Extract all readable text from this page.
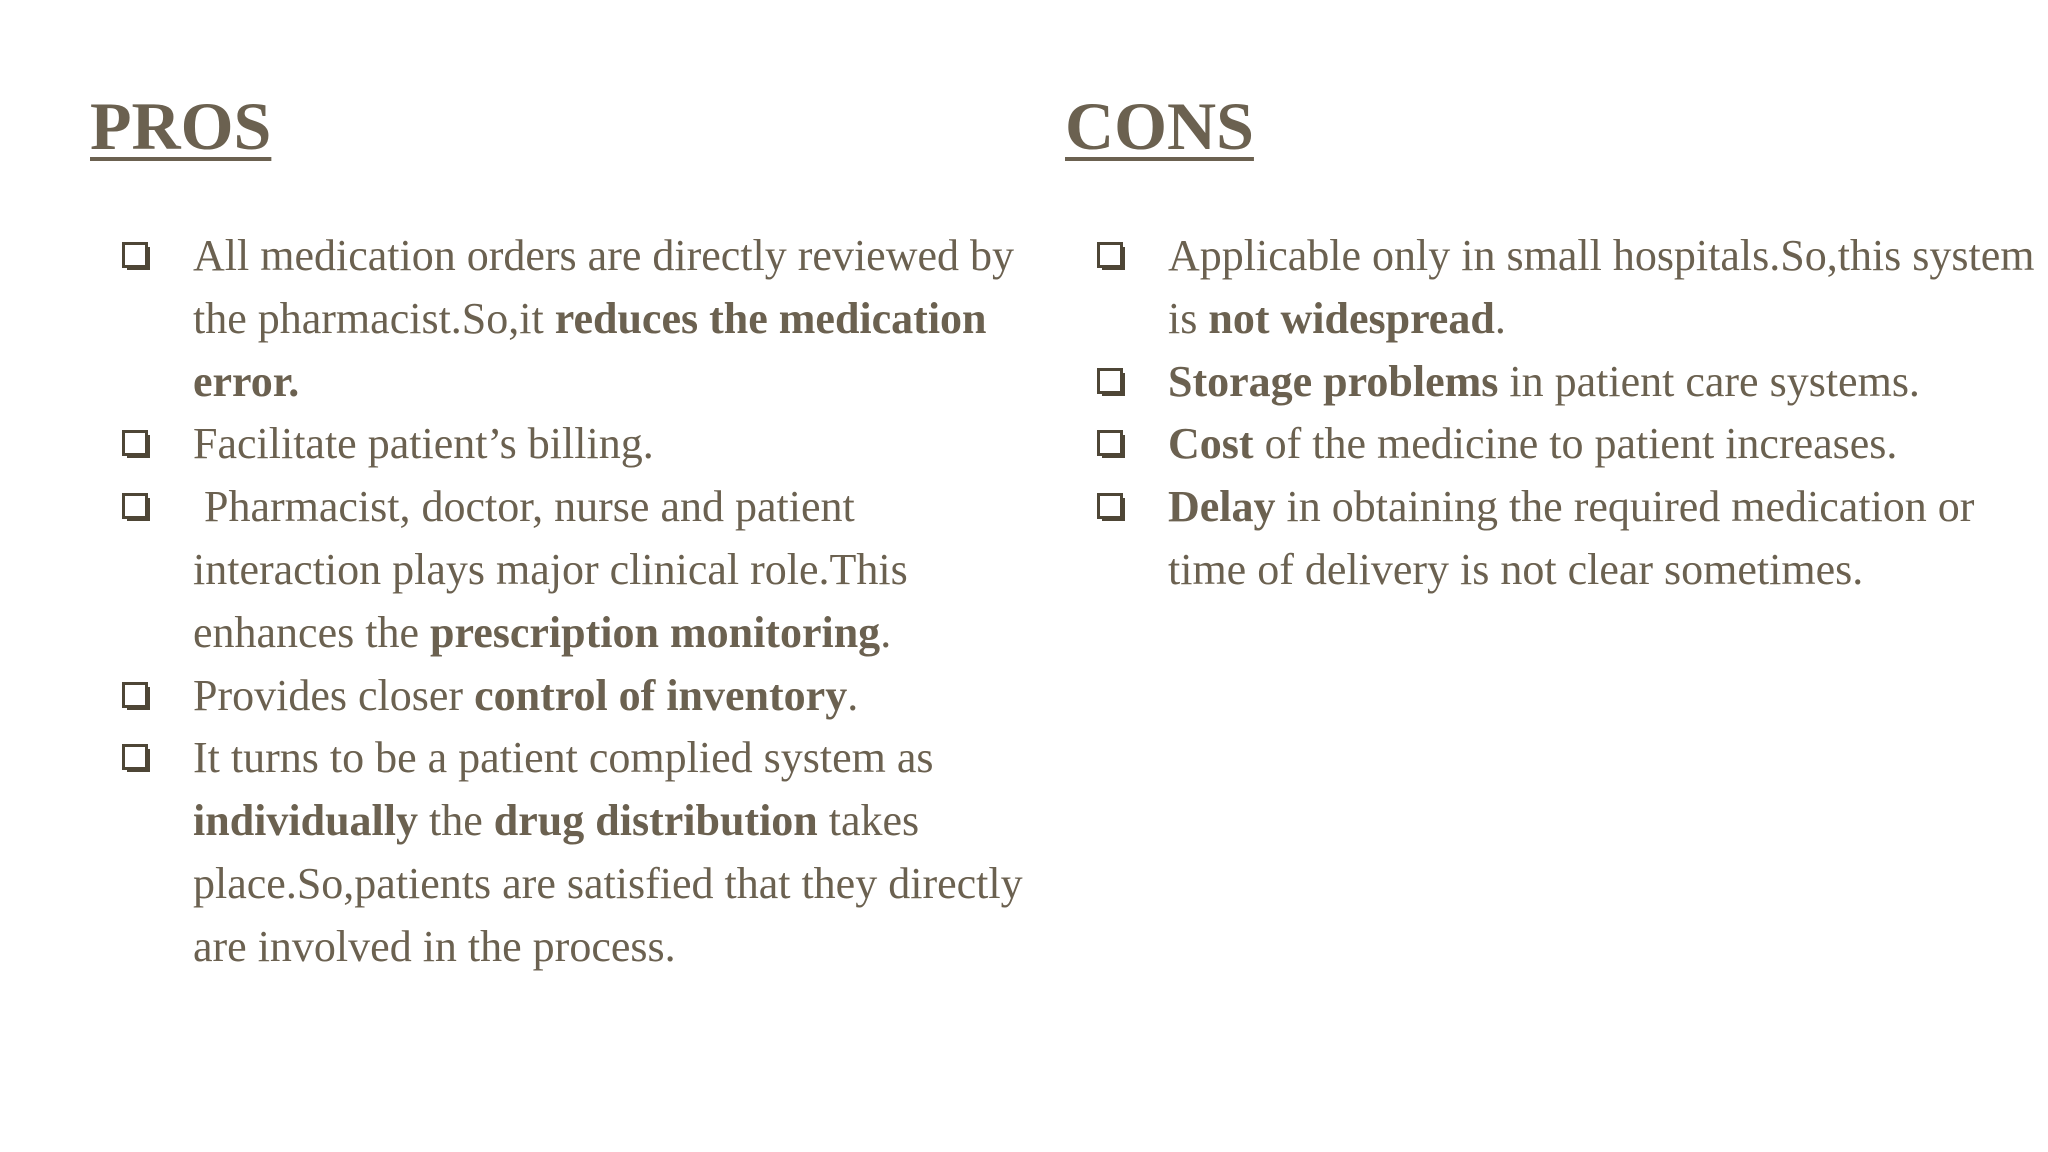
PROS
All medication orders are directly reviewed by the pharmacist.So,it reduces the medication error.
Facilitate patient’s billing.
Pharmacist, doctor, nurse and patient interaction plays major clinical role.This enhances the prescription monitoring.
Provides closer control of inventory.
It turns to be a patient complied system as individually the drug distribution takes place.So,patients are satisfied that they directly are involved in the process.
CONS
Applicable only in small hospitals.So,this system is not widespread.
Storage problems in patient care systems.
Cost of the medicine to patient increases.
Delay in obtaining the required medication or time of delivery is not clear sometimes.
